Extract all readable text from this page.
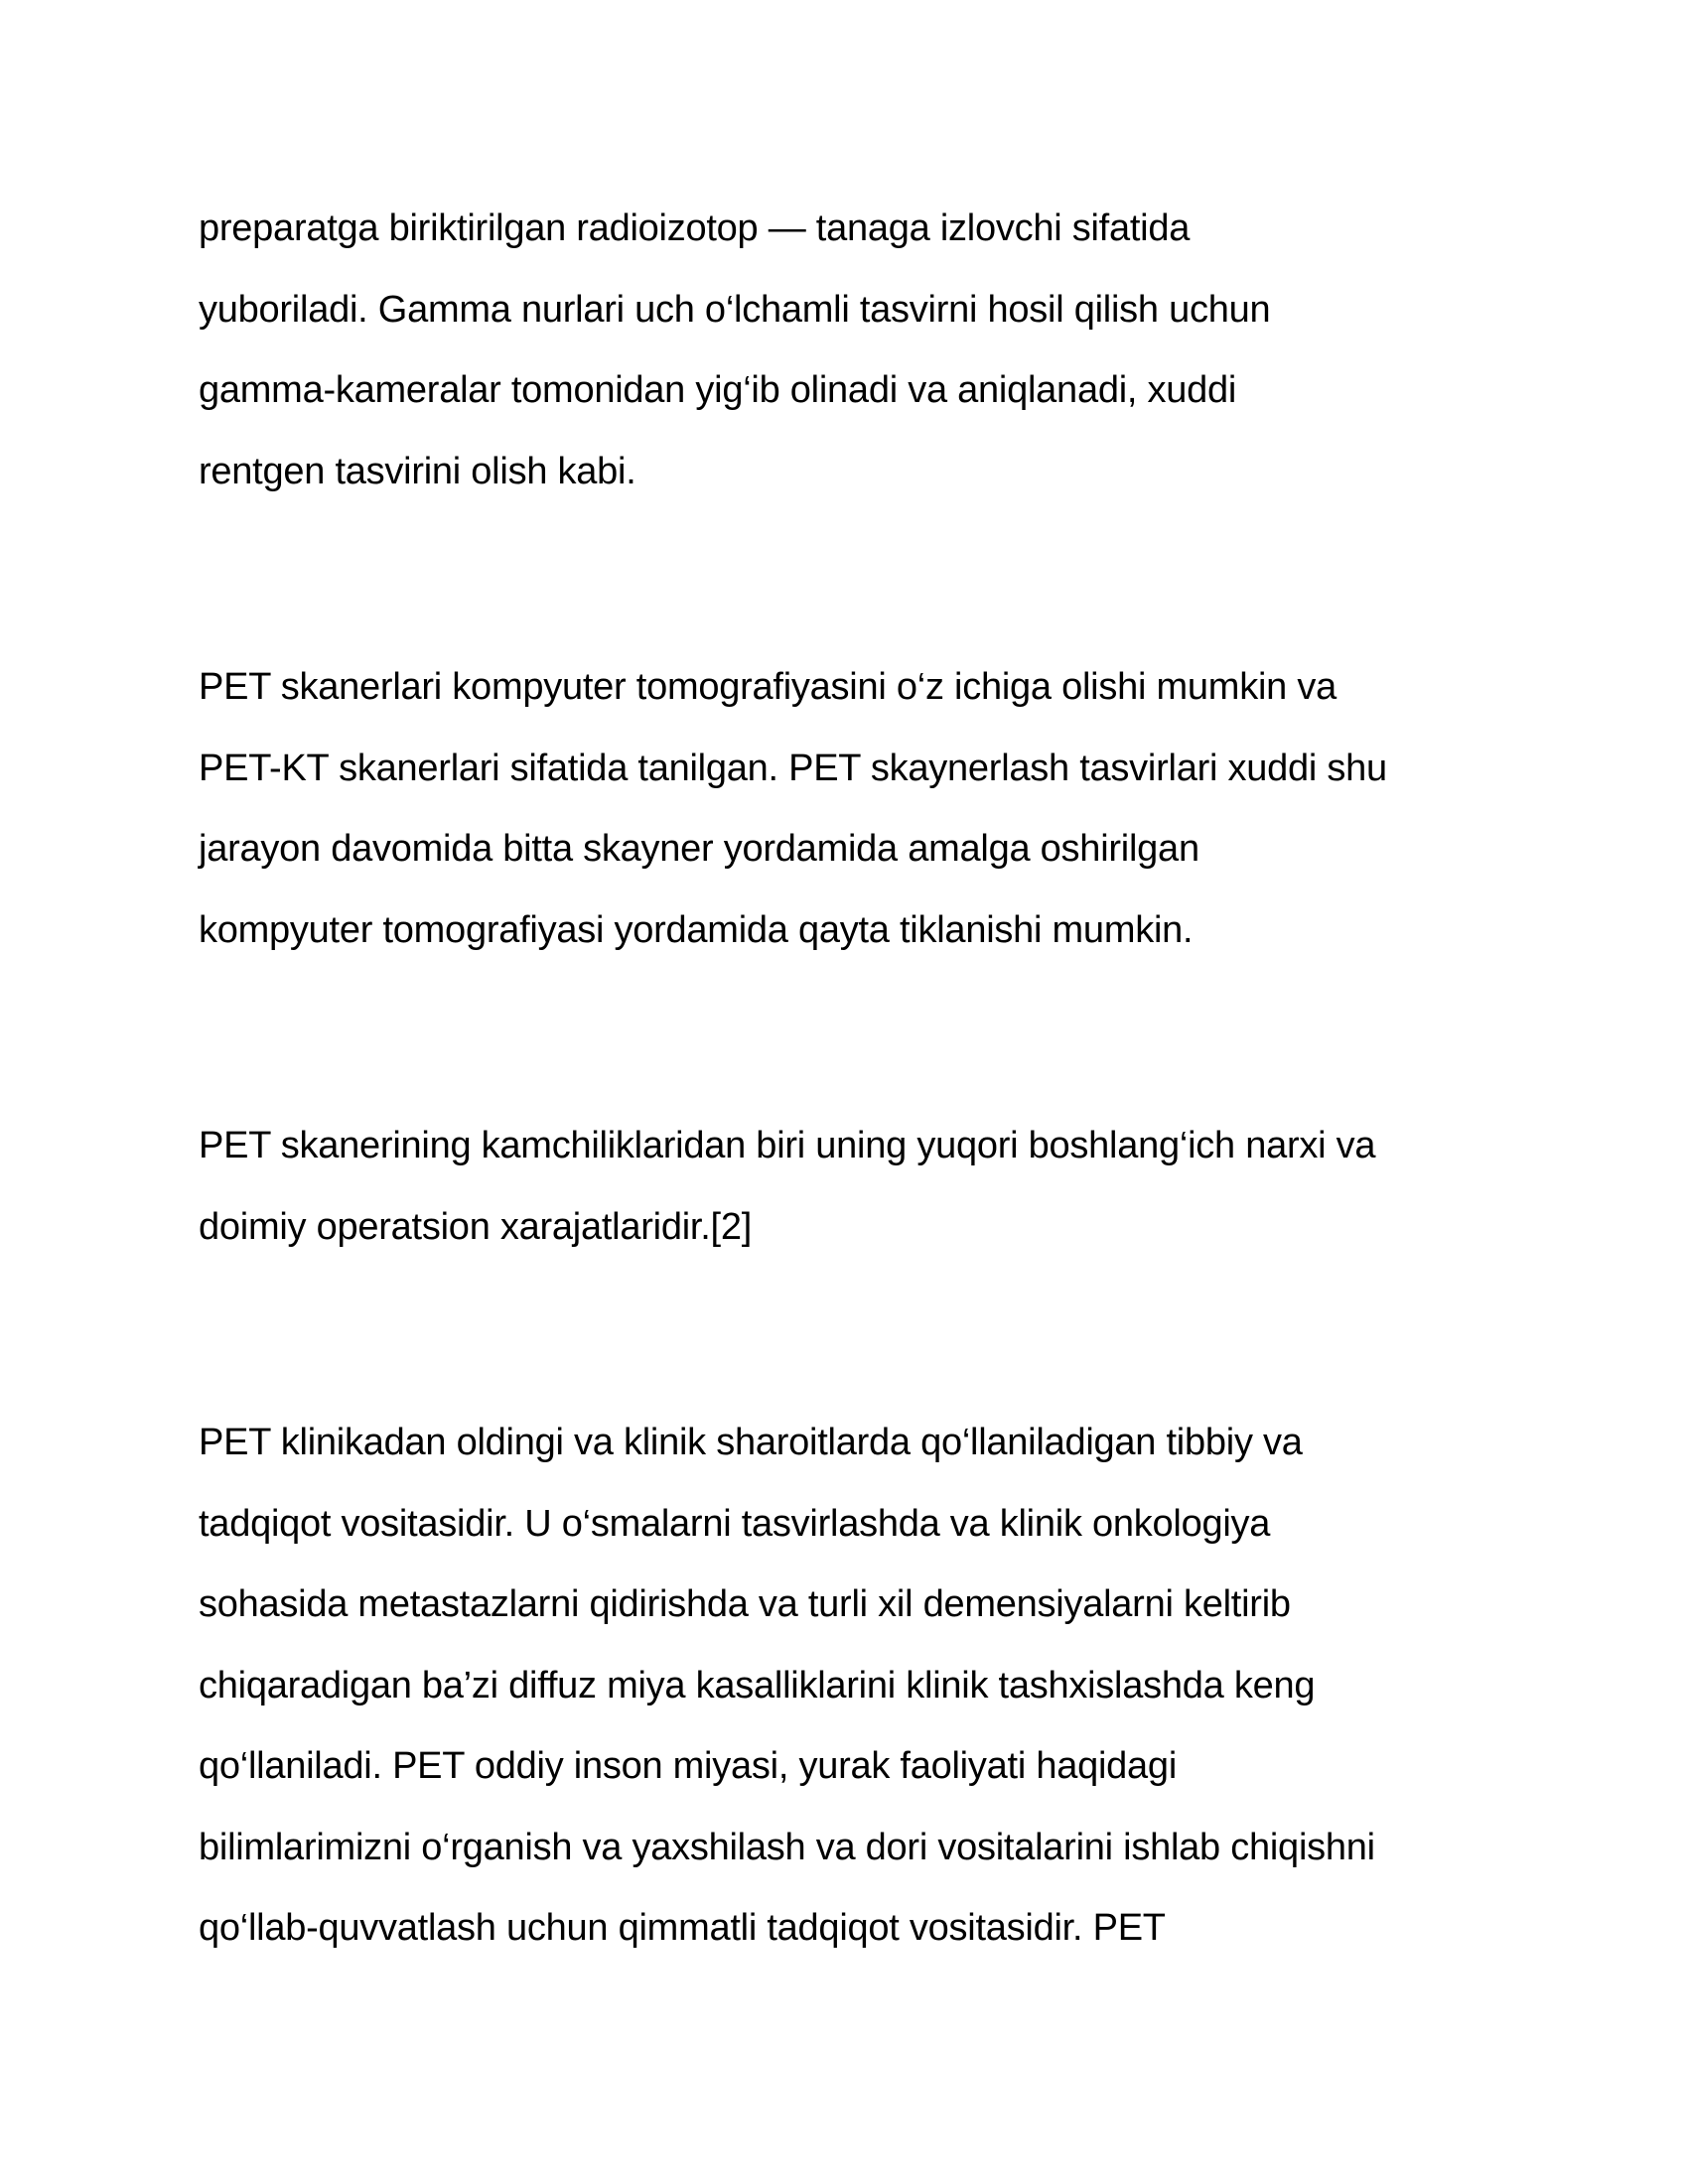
preparatga biriktirilgan radioizotop — tanaga izlovchi sifatida
yuboriladi. Gamma nurlari uch o‘lchamli tasvirni hosil qilish uchun
gamma-kameralar tomonidan yig‘ib olinadi va aniqlanadi, xuddi
rentgen tasvirini olish kabi.

PET skanerlari kompyuter tomografiyasini o‘z ichiga olishi mumkin va
PET-KT skanerlari sifatida tanilgan. PET skaynerlash tasvirlari xuddi shu
jarayon davomida bitta skayner yordamida amalga oshirilgan
kompyuter tomografiyasi yordamida qayta tiklanishi mumkin.

PET skanerining kamchiliklaridan biri uning yuqori boshlang‘ich narxi va
doimiy operatsion xarajatlaridir.[2]

PET klinikadan oldingi va klinik sharoitlarda qo‘llaniladigan tibbiy va
tadqiqot vositasidir. U o‘smalarni tasvirlashda va klinik onkologiya
sohasida metastazlarni qidirishda va turli xil demensiyalarni keltirib
chiqaradigan ba’zi diffuz miya kasalliklarini klinik tashxislashda keng
qo‘llaniladi. PET oddiy inson miyasi, yurak faoliyati haqidagi
bilimlarimizni o‘rganish va yaxshilash va dori vositalarini ishlab chiqishni
qo‘llab-quvvatlash uchun qimmatli tadqiqot vositasidir. PET
